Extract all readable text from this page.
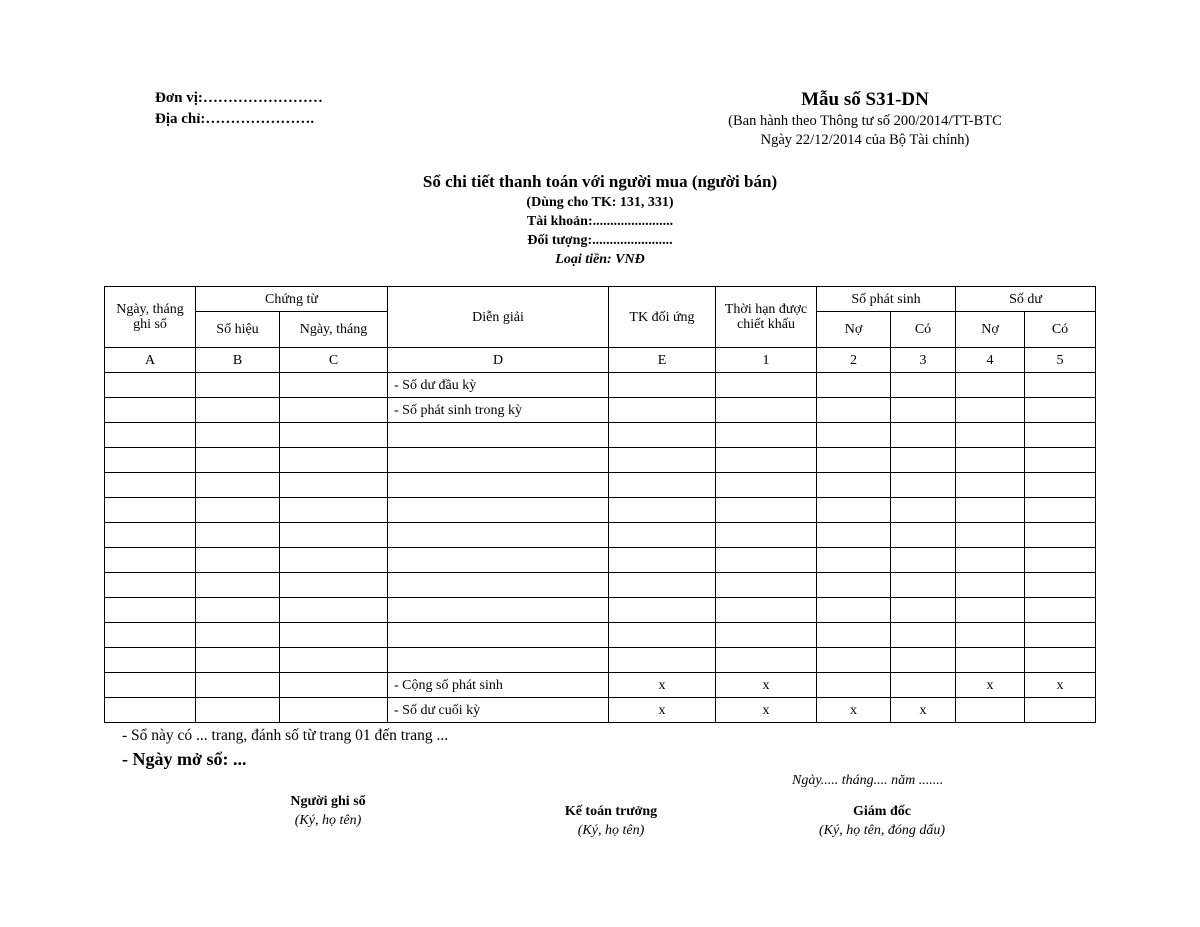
Đơn vị:……………………
Địa chỉ:………………….
Mẫu số S31-DN
(Ban hành theo Thông tư số 200/2014/TT-BTC
Ngày 22/12/2014 của Bộ Tài chính)
Sổ chi tiết thanh toán với người mua (người bán)
(Dùng cho TK: 131, 331)
Tài khoản:.......................
Đối tượng:.......................
Loại tiền: VNĐ
Ngày, tháng ghi sổ	Chứng từ		Diễn giải	TK đối ứng	Thời hạn được chiết khấu	Số phát sinh		Số dư	
	Số hiệu	Ngày, tháng				Nợ	Có	Nợ	Có
A	B	C	D	E	1	2	3	4	5
			- Số dư đầu kỳ						
			- Số phát sinh trong kỳ						

			- Cộng số phát sinh	x	x			x	x
			- Số dư cuối kỳ	x	x	x	x		
- Sổ này có ... trang, đánh số từ trang 01 đến trang ...
- Ngày mở sổ: ...
Ngày..... tháng.... năm .......
Người ghi sổ
(Ký, họ tên)
Kế toán trưởng
(Ký, họ tên)
Giám đốc
(Ký, họ tên, đóng dấu)
